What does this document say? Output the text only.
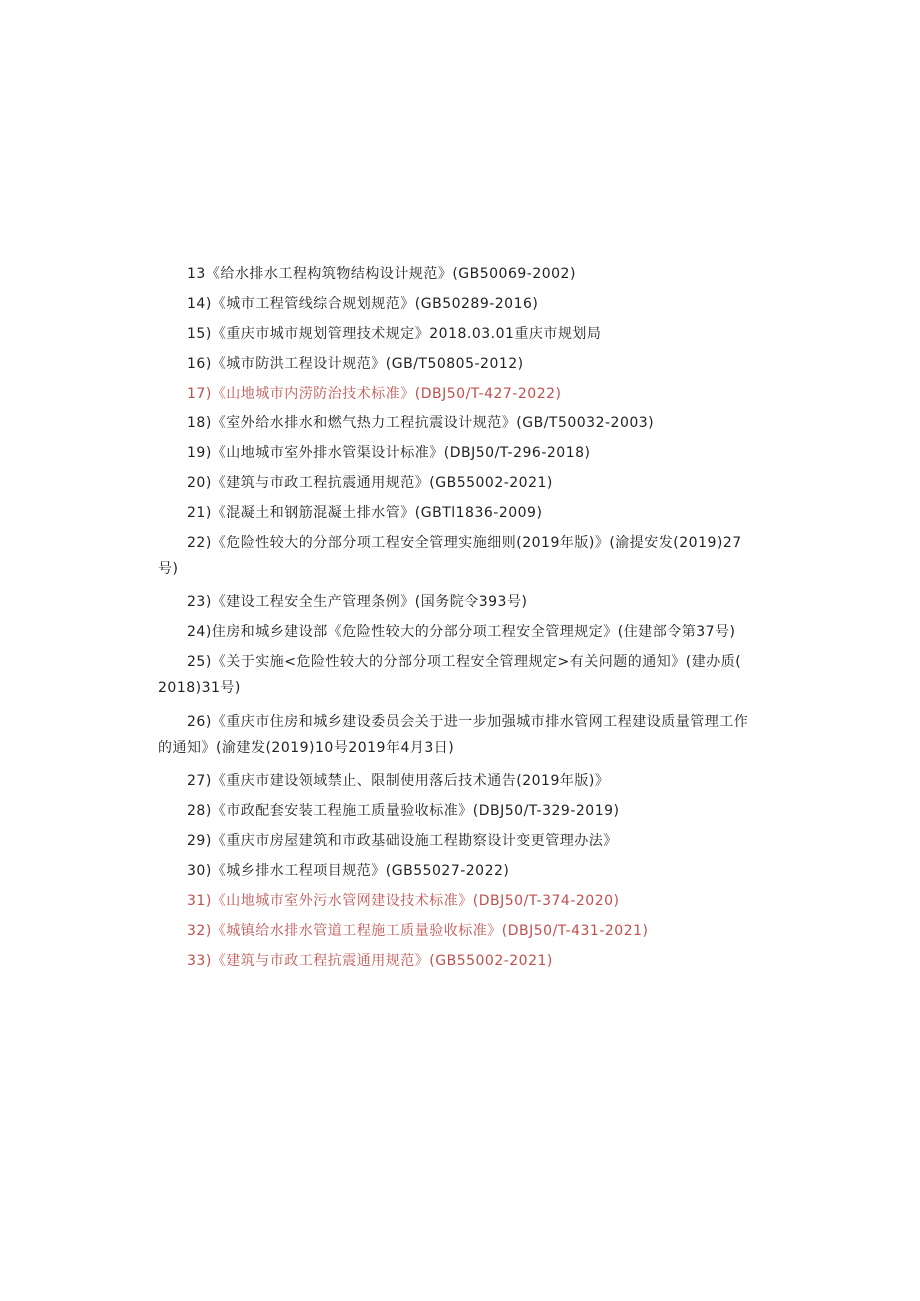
13《给水排水工程构筑物结构设计规范》(GB50069-2002)
14)《城市工程管线综合规划规范》(GB50289-2016)
15)《重庆市城市规划管理技术规定》2018.03.01重庆市规划局
16)《城市防洪工程设计规范》(GB/T50805-2012)
17)《山地城市内涝防治技术标准》(DBJ50/T-427-2022)
18)《室外给水排水和燃气热力工程抗震设计规范》(GB/T50032-2003)
19)《山地城市室外排水管渠设计标准》(DBJ50/T-296-2018)
20)《建筑与市政工程抗震通用规范》(GB55002-2021)
21)《混凝土和钢筋混凝土排水管》(GBTl1836-2009)
22)《危险性较大的分部分项工程安全管理实施细则(2019年版)》(渝提安发(2019)27
号)
23)《建设工程安全生产管理条例》(国务院令393号)
24)住房和城乡建设部《危险性较大的分部分项工程安全管理规定》(住建部令第37号)
25)《关于实施<危险性较大的分部分项工程安全管理规定>有关问题的通知》(建办质(
2018)31号)
26)《重庆市住房和城乡建设委员会关于进一步加强城市排水管网工程建设质量管理工作
的通知》(渝建发(2019)10号2019年4月3日)
27)《重庆市建设领域禁止、限制使用落后技术通告(2019年版)》
28)《市政配套安装工程施工质量验收标准》(DBJ50/T-329-2019)
29)《重庆市房屋建筑和市政基础设施工程勘察设计变更管理办法》
30)《城乡排水工程项目规范》(GB55027-2022)
31)《山地城市室外污水管网建设技术标准》(DBJ50/T-374-2020)
32)《城镇给水排水管道工程施工质量验收标准》(DBJ50/T-431-2021)
33)《建筑与市政工程抗震通用规范》(GB55002-2021)
